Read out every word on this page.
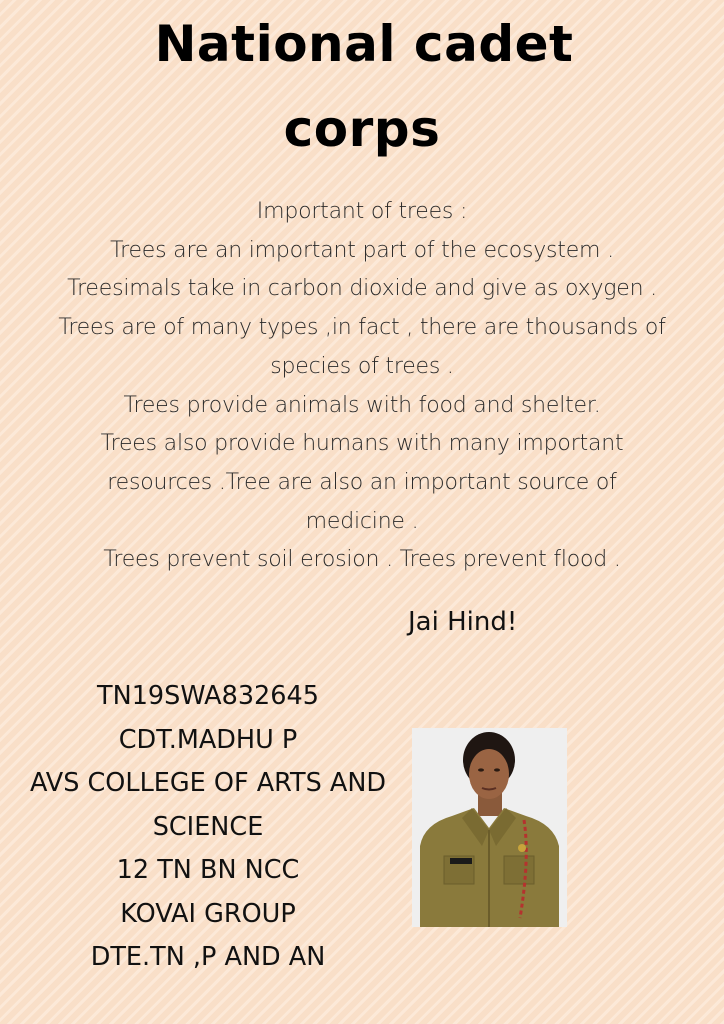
National cadet
corps
Important of trees :
Trees are an important part of the ecosystem .
Treesimals take in carbon dioxide and give as oxygen .
Trees are of many types ,in fact , there are thousands of
species of trees .
Trees provide animals with food and shelter.
Trees also provide humans with many important
resources .Tree are also an important source of
medicine .
Trees prevent soil erosion . Trees prevent flood .
Jai Hind!
TN19SWA832645
CDT.MADHU P
AVS COLLEGE OF ARTS AND
SCIENCE
12 TN BN NCC
KOVAI GROUP
DTE.TN ,P AND AN
